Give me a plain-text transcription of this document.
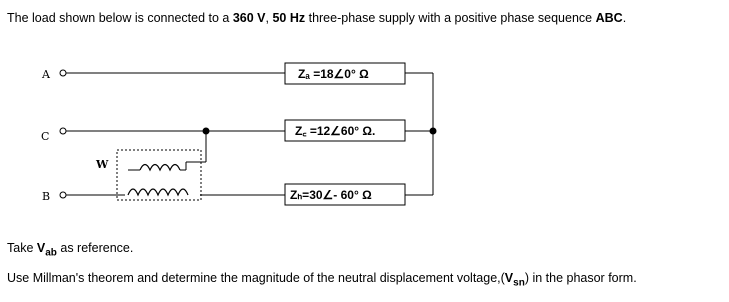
The load shown below is connected to a 360 V, 50 Hz three-phase supply with a positive phase sequence ABC.
A
C
B
W
Zₐ =18∠0° Ω
Z꜀ =12∠60° Ω.
Zₕ=30∠- 60° Ω
Take $V_{ab}$ as reference.
Use Millman's theorem and determine the magnitude of the neutral displacement $voltage,(V_{sn})$ in the phasor form.
